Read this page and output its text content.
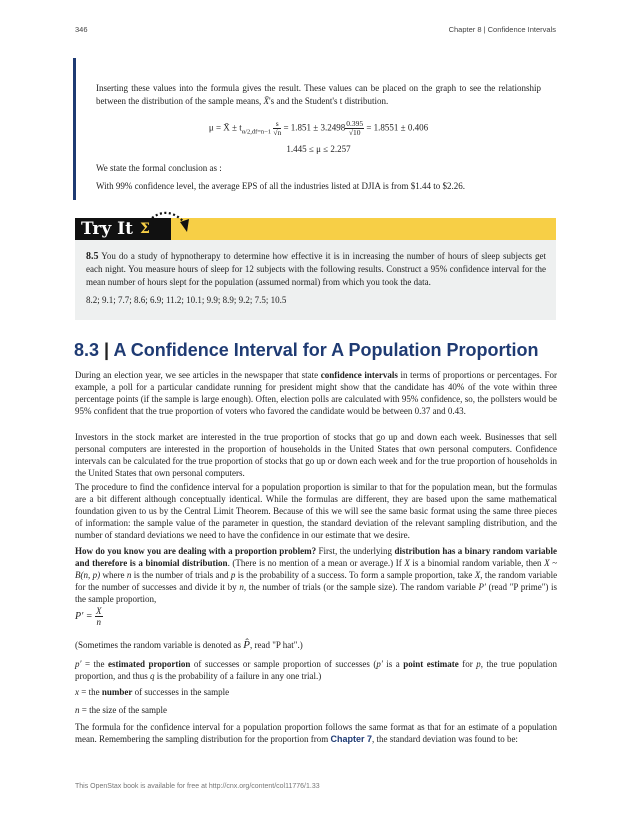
346	Chapter 8 | Confidence Intervals
Inserting these values into the formula gives the result. These values can be placed on the graph to see the relationship between the distribution of the sample means, X̄'s and the Student's t distribution.
μ = X̄ ± $t_{\alpha/2,df=n-1} \frac{s}{√n} = 1.851 \pm 3.2498 \frac{0.395}{√10} = 1.8551 \pm 0.406$
1.445 ≤ μ ≤ 2.257
We state the formal conclusion as :
With 99% confidence level, the average EPS of all the industries listed at DJIA is from $1.44 to $2.26.
Try It Σ
8.5 You do a study of hypnotherapy to determine how effective it is in increasing the number of hours of sleep subjects get each night. You measure hours of sleep for 12 subjects with the following results. Construct a 95% confidence interval for the mean number of hours slept for the population (assumed normal) from which you took the data.
8.2; 9.1; 7.7; 8.6; 6.9; 11.2; 10.1; 9.9; 8.9; 9.2; 7.5; 10.5
8.3 | A Confidence Interval for A Population Proportion
During an election year, we see articles in the newspaper that state confidence intervals in terms of proportions or percentages. For example, a poll for a particular candidate running for president might show that the candidate has 40% of the vote within three percentage points (if the sample is large enough). Often, election polls are calculated with 95% confidence, so, the pollsters would be 95% confident that the true proportion of voters who favored the candidate would be between 0.37 and 0.43.
Investors in the stock market are interested in the true proportion of stocks that go up and down each week. Businesses that sell personal computers are interested in the proportion of households in the United States that own personal computers. Confidence intervals can be calculated for the true proportion of stocks that go up or down each week and for the true proportion of households in the United States that own personal computers.
The procedure to find the confidence interval for a population proportion is similar to that for the population mean, but the formulas are a bit different although conceptually identical. While the formulas are different, they are based upon the same mathematical foundation given to us by the Central Limit Theorem. Because of this we will see the same basic format using the same three pieces of information: the sample value of the parameter in question, the standard deviation of the relevant sampling distribution, and the number of standard deviations we need to have the confidence in our estimate that we desire.
How do you know you are dealing with a proportion problem? First, the underlying distribution has a binary random variable and therefore is a binomial distribution. (There is no mention of a mean or average.) If X is a binomial random variable, then X ~ B(n, p) where n is the number of trials and p is the probability of a success. To form a sample proportion, take X, the random variable for the number of successes and divide it by n, the number of trials (or the sample size). The random variable P′ (read "P prime") is the sample proportion,
$P' = \frac{X}{n}$
(Sometimes the random variable is denoted as P̂, read "P hat".)
p′ = the estimated proportion of successes or sample proportion of successes (p′ is a point estimate for p, the true population proportion, and thus q is the probability of a failure in any one trial.)
x = the number of successes in the sample
n = the size of the sample
The formula for the confidence interval for a population proportion follows the same format as that for an estimate of a population mean. Remembering the sampling distribution for the proportion from Chapter 7, the standard deviation was found to be:
This OpenStax book is available for free at http://cnx.org/content/col11776/1.33
